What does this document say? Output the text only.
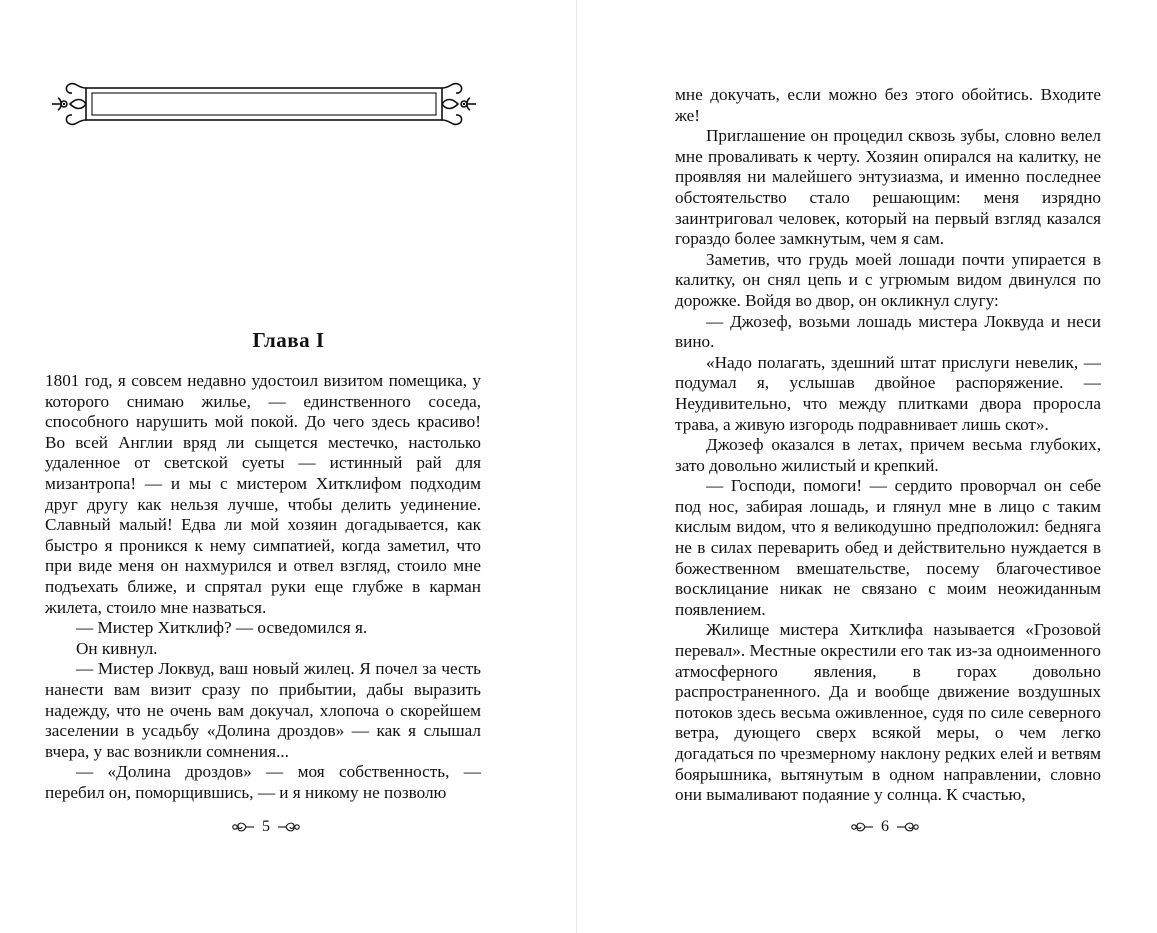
Глава I

1801 год, я совсем недавно удостоил визитом помещика, у которого снимаю жилье, — единственного соседа, способного нарушить мой покой. До чего здесь красиво! Во всей Англии вряд ли сыщется местечко, настолько удаленное от светской суеты — истинный рай для мизантропа! — и мы с мистером Хитклифом подходим друг другу как нельзя лучше, чтобы делить уединение. Славный малый! Едва ли мой хозяин догадывается, как быстро я проникся к нему симпатией, когда заметил, что при виде меня он нахмурился и отвел взгляд, стоило мне подъехать ближе, и спрятал руки еще глубже в карман жилета, стоило мне назваться.

— Мистер Хитклиф? — осведомился я.

Он кивнул.

— Мистер Локвуд, ваш новый жилец. Я почел за честь нанести вам визит сразу по прибытии, дабы выразить надежду, что не очень вам докучал, хлопоча о скорейшем заселении в усадьбу «Долина дроздов» — как я слышал вчера, у вас возникли сомнения...

— «Долина дроздов» — моя собственность, — перебил он, поморщившись, — и я никому не позволю

5

мне докучать, если можно без этого обойтись. Входите же!

Приглашение он процедил сквозь зубы, словно велел мне проваливать к черту. Хозяин опирался на калитку, не проявляя ни малейшего энтузиазма, и именно последнее обстоятельство стало решающим: меня изрядно заинтриговал человек, который на первый взгляд казался гораздо более замкнутым, чем я сам.

Заметив, что грудь моей лошади почти упирается в калитку, он снял цепь и с угрюмым видом двинулся по дорожке. Войдя во двор, он окликнул слугу:

— Джозеф, возьми лошадь мистера Локвуда и неси вино.

«Надо полагать, здешний штат прислуги невелик, — подумал я, услышав двойное распоряжение. — Неудивительно, что между плитками двора проросла трава, а живую изгородь подравнивает лишь скот».

Джозеф оказался в летах, причем весьма глубоких, зато довольно жилистый и крепкий.

— Господи, помоги! — сердито проворчал он себе под нос, забирая лошадь, и глянул мне в лицо с таким кислым видом, что я великодушно предположил: бедняга не в силах переварить обед и действительно нуждается в божественном вмешательстве, посему благочестивое восклицание никак не связано с моим неожиданным появлением.

Жилище мистера Хитклифа называется «Грозовой перевал». Местные окрестили его так из-за одноименного атмосферного явления, в горах довольно распространенного. Да и вообще движение воздушных потоков здесь весьма оживленное, судя по силе северного ветра, дующего сверх всякой меры, о чем легко догадаться по чрезмерному наклону редких елей и ветвям боярышника, вытянутым в одном направлении, словно они вымаливают подаяние у солнца. К счастью,

6
